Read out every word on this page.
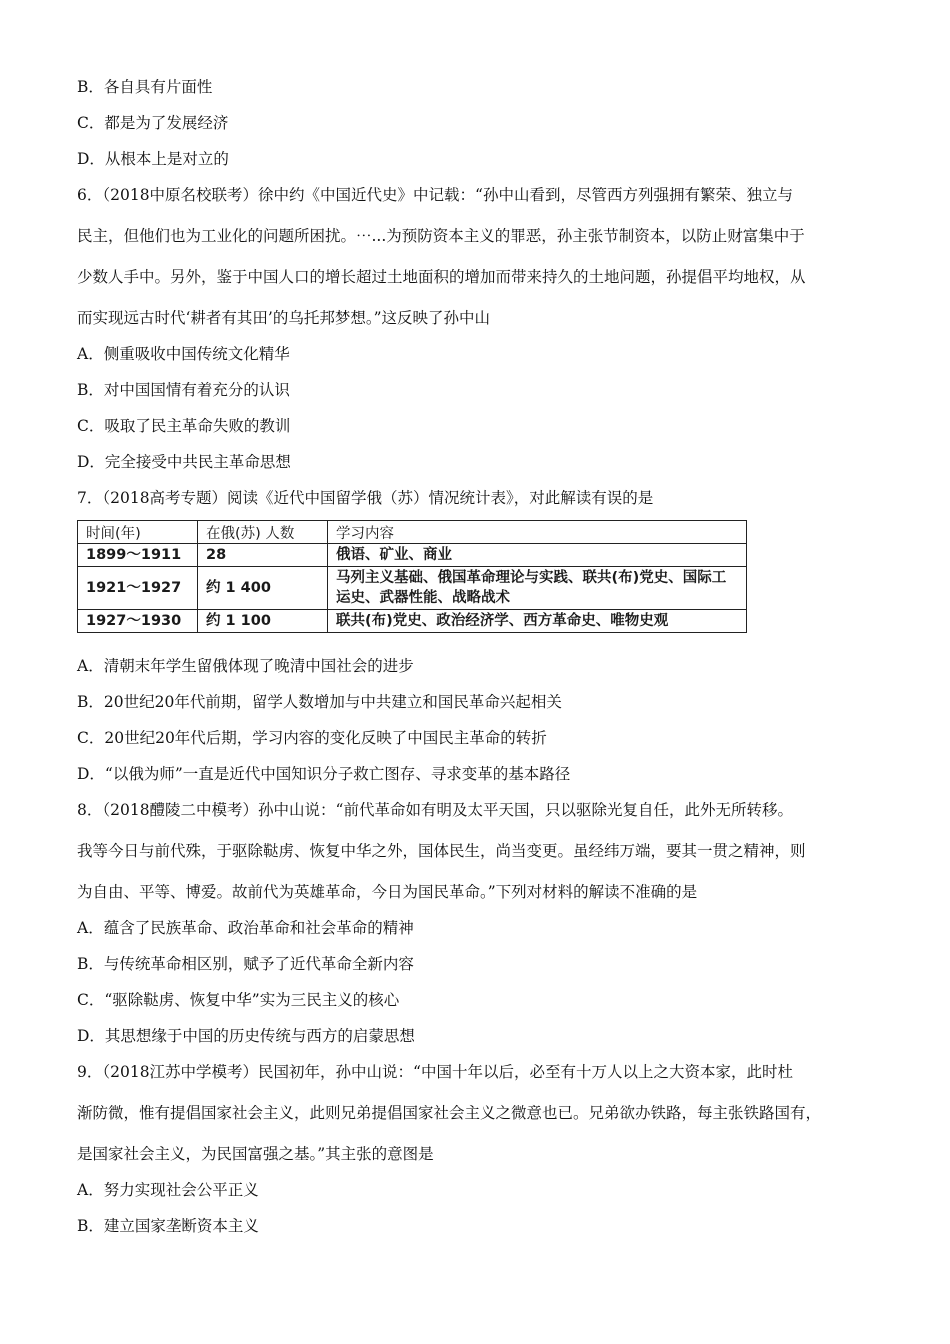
B．各自具有片面性
C．都是为了发展经济
D．从根本上是对立的
6．（2018中原名校联考）徐中约《中国近代史》中记载：“孙中山看到，尽管西方列强拥有繁荣、独立与
民主，但他们也为工业化的问题所困扰。⋯...为预防资本主义的罪恶，孙主张节制资本，以防止财富集中于
少数人手中。另外，鉴于中国人口的增长超过土地面积的增加而带来持久的土地问题，孙提倡平均地权，从
而实现远古时代‘耕者有其田’的乌托邦梦想。”这反映了孙中山
A．侧重吸收中国传统文化精华
B．对中国国情有着充分的认识
C．吸取了民主革命失败的教训
D．完全接受中共民主革命思想
7．（2018高考专题）阅读《近代中国留学俄（苏）情况统计表》，对此解读有误的是
时间(年)	在俄(苏) 人数	学习内容
1899～1911	28	俄语、矿业、商业
1921～1927	约 1 400	马列主义基础、俄国革命理论与实践、联共(布)党史、国际工运史、武器性能、战略战术
1927～1930	约 1 100	联共(布)党史、政治经济学、西方革命史、唯物史观
A．清朝末年学生留俄体现了晚清中国社会的进步
B．20世纪20年代前期，留学人数增加与中共建立和国民革命兴起相关
C．20世纪20年代后期，学习内容的变化反映了中国民主革命的转折
D．“以俄为师”一直是近代中国知识分子救亡图存、寻求变革的基本路径
8．（2018醴陵二中模考）孙中山说：“前代革命如有明及太平天国，只以驱除光复自任，此外无所转移。
我等今日与前代殊，于驱除鞑虏、恢复中华之外，国体民生，尚当变更。虽经纬万端，要其一贯之精神，则
为自由、平等、博爱。故前代为英雄革命，今日为国民革命。”下列对材料的解读不准确的是
A．蕴含了民族革命、政治革命和社会革命的精神
B．与传统革命相区别，赋予了近代革命全新内容
C．“驱除鞑虏、恢复中华”实为三民主义的核心
D．其思想缘于中国的历史传统与西方的启蒙思想
9．（2018江苏中学模考）民国初年，孙中山说：“中国十年以后，必至有十万人以上之大资本家，此时杜
渐防微，惟有提倡国家社会主义，此则兄弟提倡国家社会主义之微意也已。兄弟欲办铁路，每主张铁路国有，
是国家社会主义，为民国富强之基。”其主张的意图是
A．努力实现社会公平正义
B．建立国家垄断资本主义
